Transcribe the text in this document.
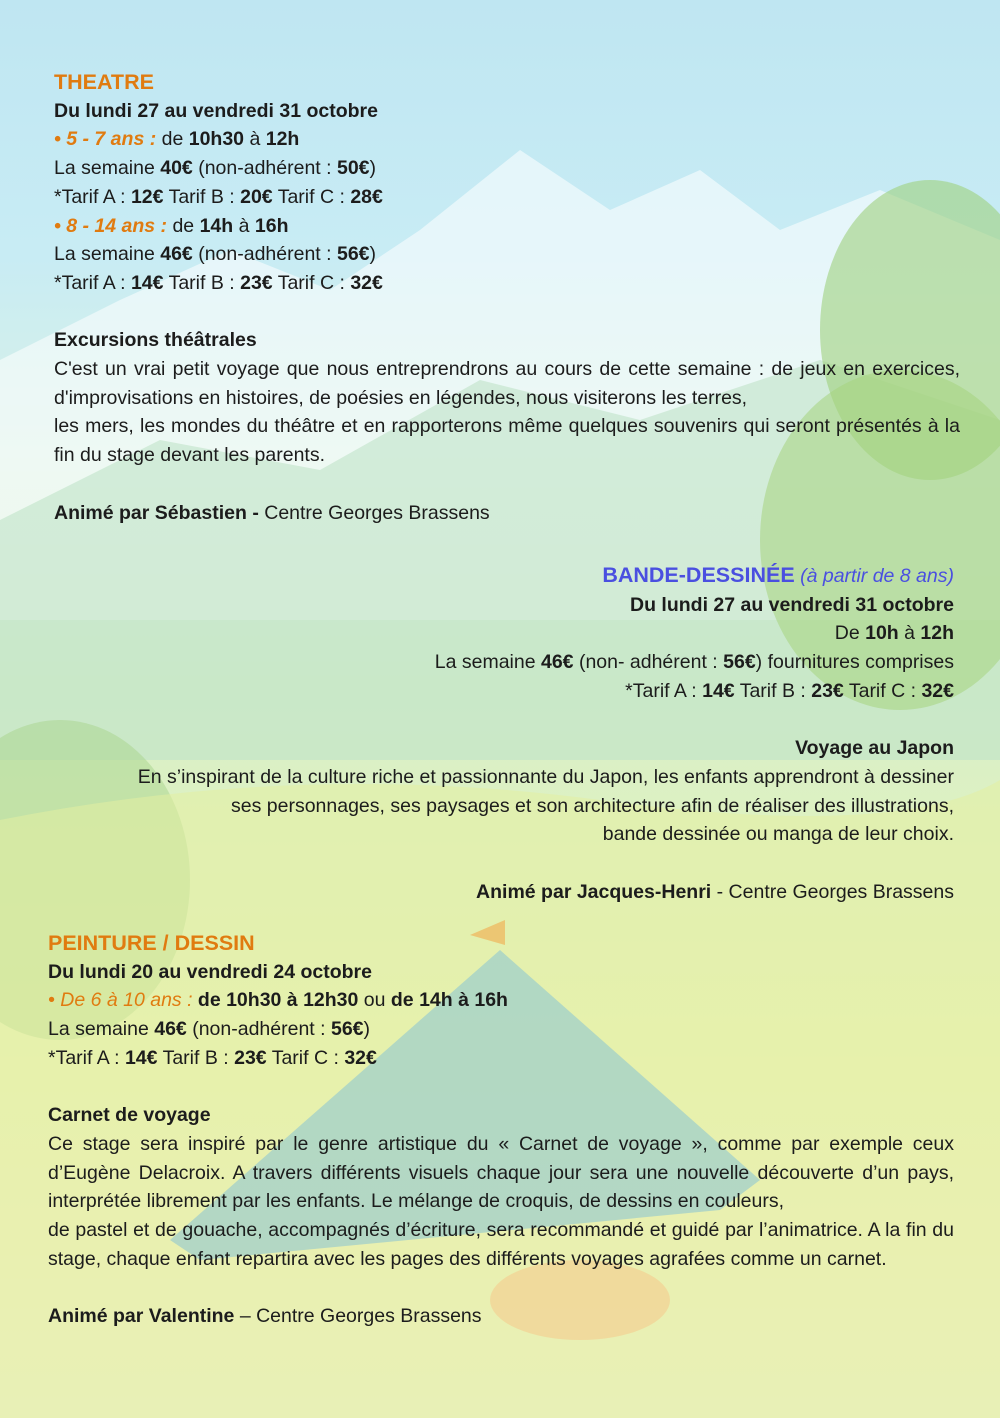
THEATRE
Du lundi 27 au vendredi 31 octobre
• 5 - 7 ans : de 10h30 à 12h
La semaine 40€ (non-adhérent : 50€)
*Tarif A : 12€ Tarif B : 20€ Tarif C : 28€
• 8 - 14 ans : de 14h à 16h
La semaine 46€ (non-adhérent : 56€)
*Tarif A : 14€ Tarif B : 23€ Tarif C : 32€
Excursions théâtrales
C'est un vrai petit voyage que nous entreprendrons au cours de cette semaine : de jeux en exercices, d'improvisations en histoires, de poésies en légendes, nous visiterons les terres,
les mers, les mondes du théâtre et en rapporterons même quelques souvenirs qui seront présentés à la fin du stage devant les parents.
Animé par Sébastien - Centre Georges Brassens
BANDE-DESSINÉE (à partir de 8 ans)
Du lundi 27 au vendredi 31 octobre
De 10h à 12h
La semaine 46€ (non- adhérent : 56€) fournitures comprises
*Tarif A : 14€ Tarif B : 23€ Tarif C : 32€
Voyage au Japon
En s’inspirant de la culture riche et passionnante du Japon, les enfants apprendront à dessiner
ses personnages, ses paysages et son architecture afin de réaliser des illustrations,
bande dessinée ou manga de leur choix.
Animé par Jacques-Henri - Centre Georges Brassens
PEINTURE / DESSIN
Du lundi 20 au vendredi 24 octobre
• De 6 à 10 ans : de 10h30 à 12h30 ou de 14h à 16h
La semaine 46€ (non-adhérent : 56€)
*Tarif A : 14€ Tarif B : 23€ Tarif C : 32€
Carnet de voyage
Ce stage sera inspiré par le genre artistique du « Carnet de voyage », comme par exemple ceux d’Eugène Delacroix. A travers différents visuels chaque jour sera une nouvelle découverte d’un pays, interprétée librement par les enfants. Le mélange de croquis, de dessins en couleurs,
de pastel et de gouache, accompagnés d’écriture, sera recommandé et guidé par l’animatrice. A la fin du stage, chaque enfant repartira avec les pages des différents voyages agrafées comme un carnet.
Animé par Valentine – Centre Georges Brassens
